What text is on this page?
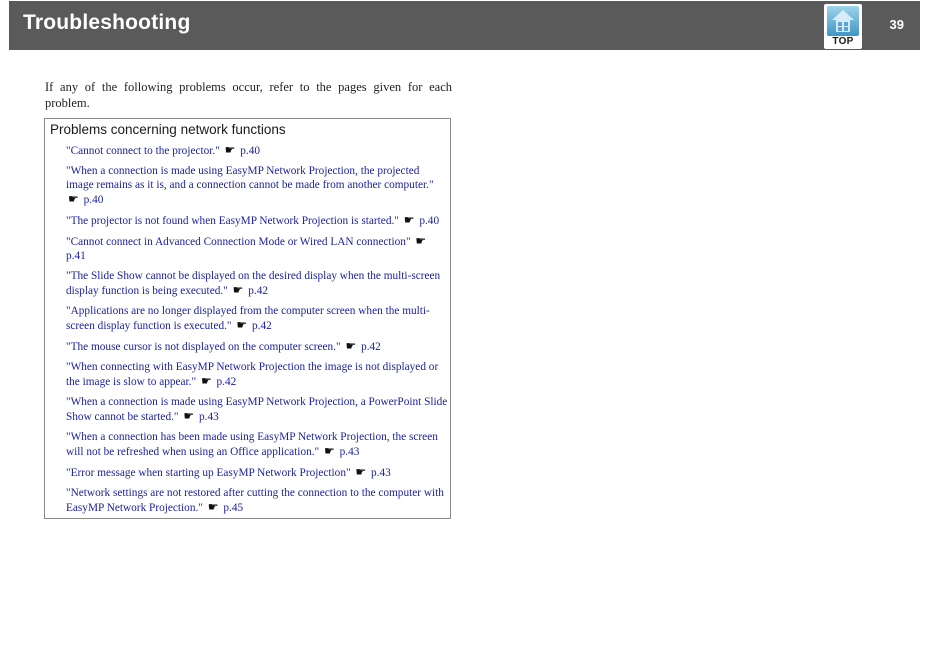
Troubleshooting
TOP
39
If any of the following problems occur, refer to the pages given for each problem.
Problems concerning network functions
"Cannot connect to the projector." ☛ p.40
"When a connection is made using EasyMP Network Projection, the projected image remains as it is, and a connection cannot be made from another computer." ☛ p.40
"The projector is not found when EasyMP Network Projection is started." ☛ p.40
"Cannot connect in Advanced Connection Mode or Wired LAN connection" ☛ p.41
"The Slide Show cannot be displayed on the desired display when the multi-screen display function is being executed." ☛ p.42
"Applications are no longer displayed from the computer screen when the multi-screen display function is executed." ☛ p.42
"The mouse cursor is not displayed on the computer screen." ☛ p.42
"When connecting with EasyMP Network Projection the image is not displayed or the image is slow to appear." ☛ p.42
"When a connection is made using EasyMP Network Projection, a PowerPoint Slide Show cannot be started." ☛ p.43
"When a connection has been made using EasyMP Network Projection, the screen will not be refreshed when using an Office application." ☛ p.43
"Error message when starting up EasyMP Network Projection" ☛ p.43
"Network settings are not restored after cutting the connection to the computer with EasyMP Network Projection." ☛ p.45
